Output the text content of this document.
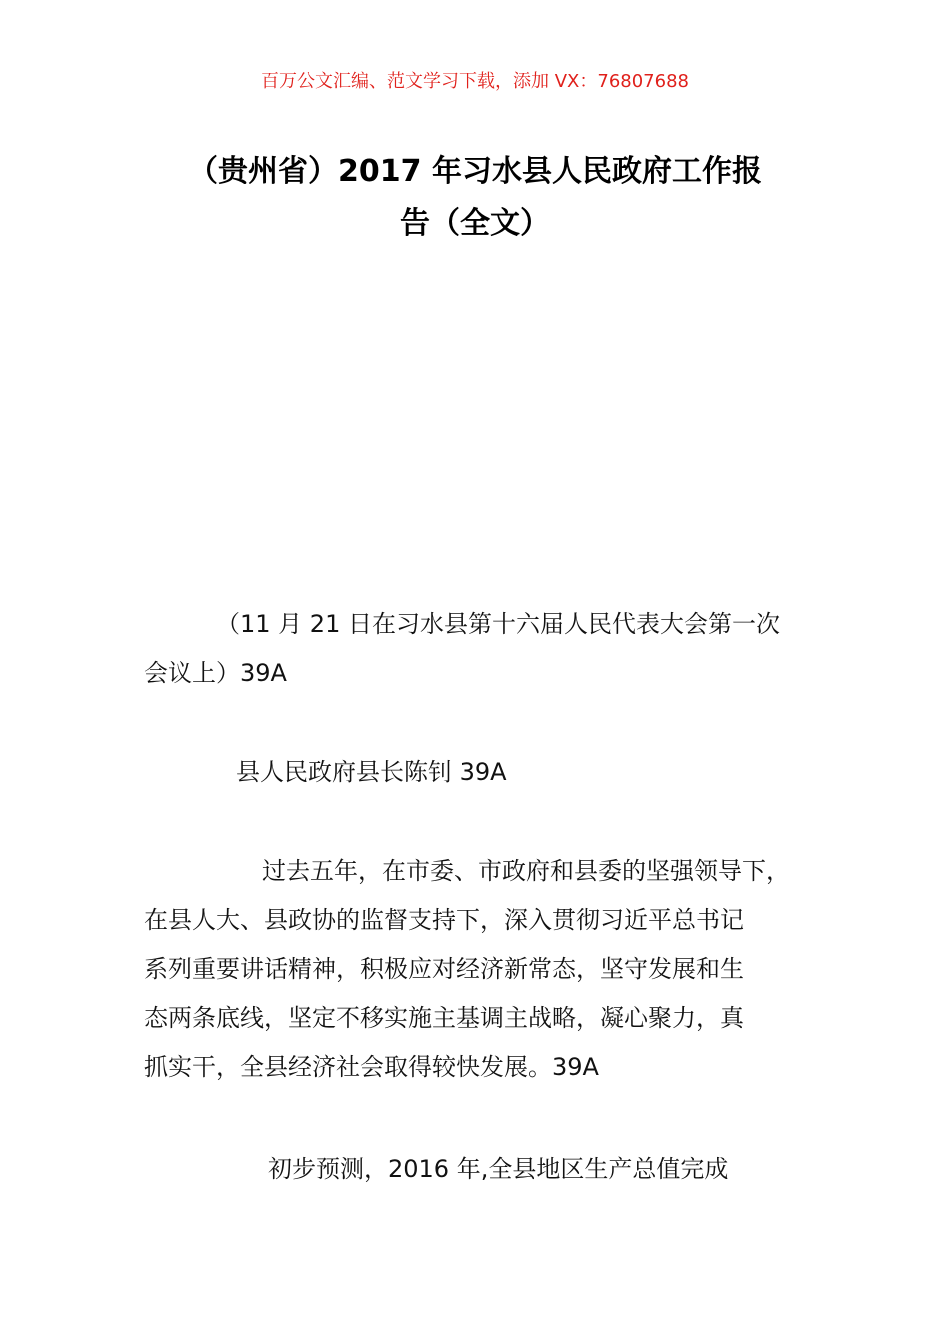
百万公文汇编、范文学习下载，添加 VX：76807688
（贵州省）2017 年习水县人民政府工作报
告（全文）
（11 月 21 日在习水县第十六届人民代表大会第一次
会议上）39A
县人民政府县长陈钊 39A
过去五年，在市委、市政府和县委的坚强领导下，
在县人大、县政协的监督支持下，深入贯彻习近平总书记
系列重要讲话精神，积极应对经济新常态，坚守发展和生
态两条底线，坚定不移实施主基调主战略，凝心聚力，真
抓实干，全县经济社会取得较快发展。39A
初步预测，2016 年,全县地区生产总值完成
